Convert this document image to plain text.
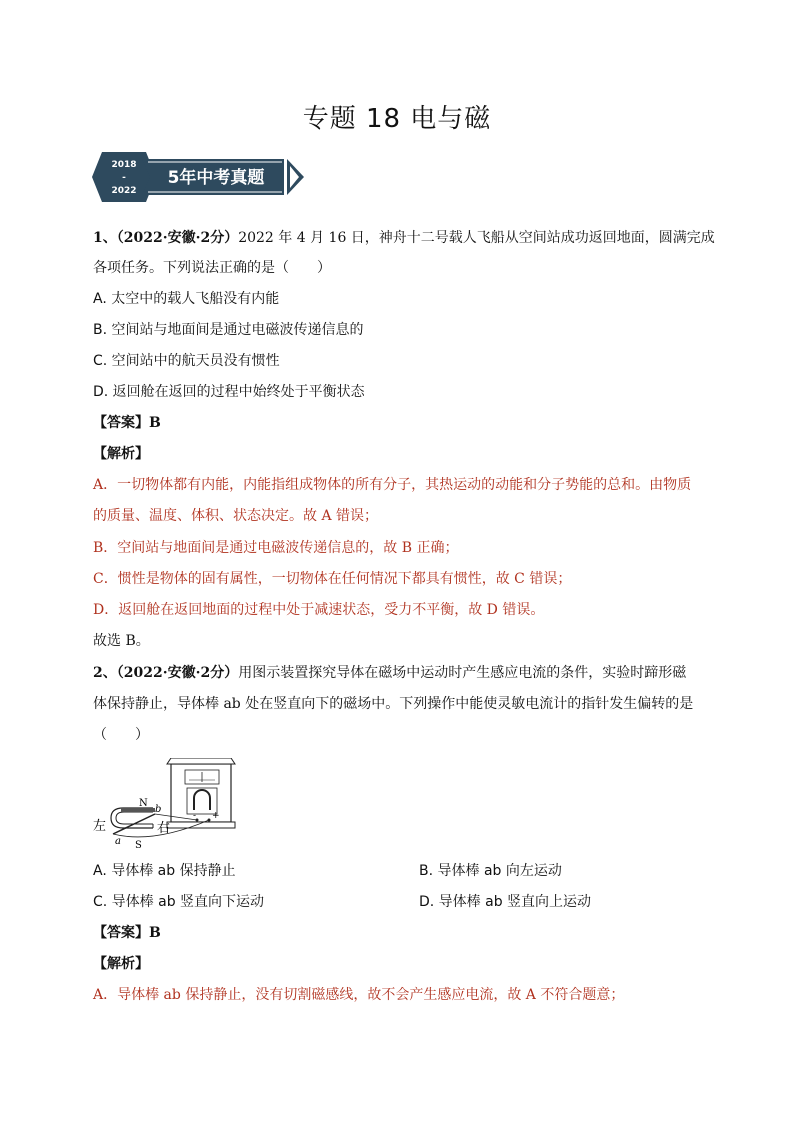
专题 18 电与磁
2018
-
2022
5年中考真题
1、（2022·安徽·2分）2022 年 4 月 16 日，神舟十二号载人飞船从空间站成功返回地面，圆满完成
各项任务。下列说法正确的是（　　）
A. 太空中的载人飞船没有内能
B. 空间站与地面间是通过电磁波传递信息的
C. 空间站中的航天员没有惯性
D. 返回舱在返回的过程中始终处于平衡状态
【答案】B
【解析】
A．一切物体都有内能，内能指组成物体的所有分子，其热运动的动能和分子势能的总和。由物质
的质量、温度、体积、状态决定。故 A 错误；
B．空间站与地面间是通过电磁波传递信息的，故 B 正确；
C．惯性是物体的固有属性，一切物体在任何情况下都具有惯性，故 C 错误；
D．返回舱在返回地面的过程中处于减速状态，受力不平衡，故 D 错误。
故选 B。
2、（2022·安徽·2分）用图示装置探究导体在磁场中运动时产生感应电流的条件，实验时蹄形磁
体保持静止，导体棒 ab 处在竖直向下的磁场中。下列操作中能使灵敏电流计的指针发生偏转的是
（　　）
左	右
N
S
a
b
- +
A. 导体棒 ab 保持静止	B. 导体棒 ab 向左运动
C. 导体棒 ab 竖直向下运动	D. 导体棒 ab 竖直向上运动
【答案】B
【解析】
A．导体棒 ab 保持静止，没有切割磁感线，故不会产生感应电流，故 A 不符合题意；
